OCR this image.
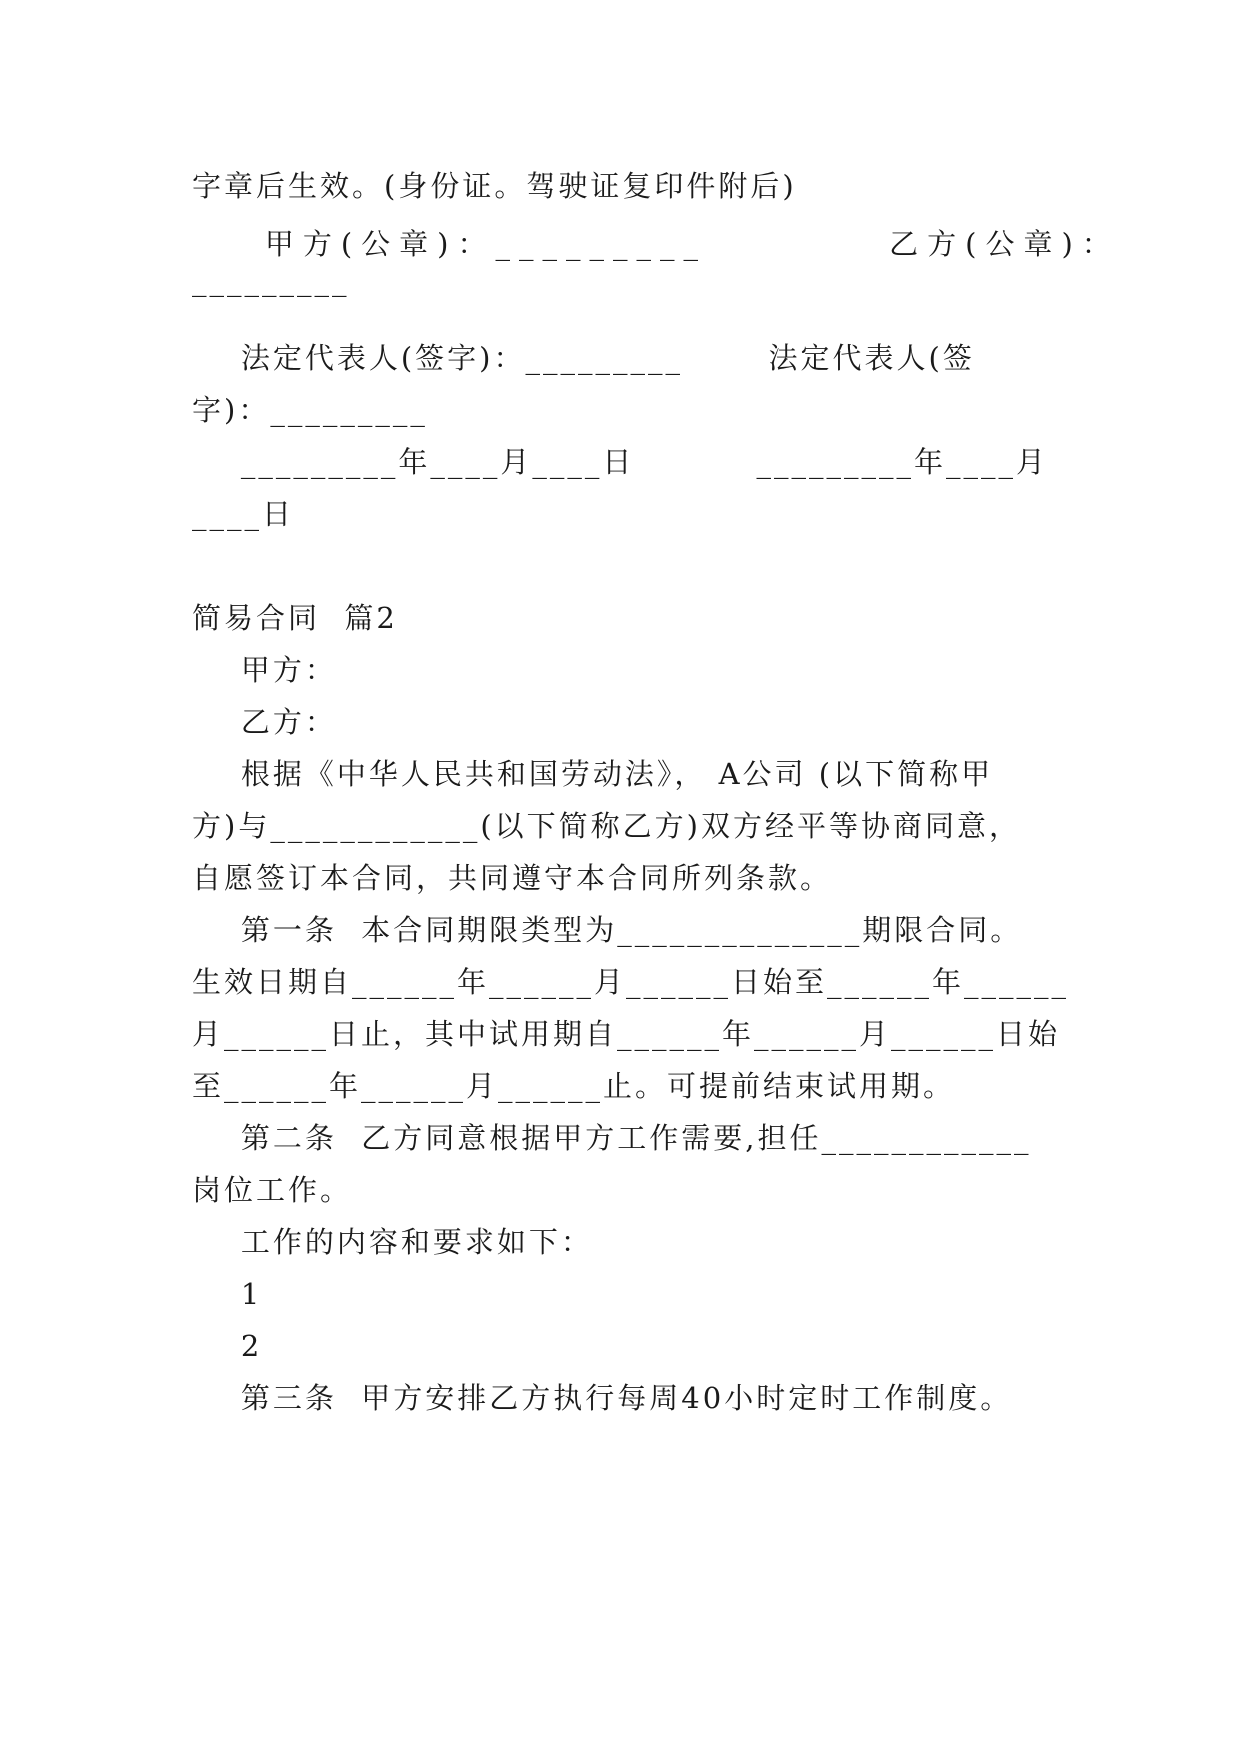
字章后生效。(身份证。驾驶证复印件附后)
甲方(公章)：_________          乙方(公章)：
_________
法定代表人(签字)：_________       法定代表人(签
字)：_________
_________年____月____日          _________年____月
____日
简易合同  篇2
甲方：
乙方：
根据《中华人民共和国劳动法》， A公司 (以下简称甲
方)与____________(以下简称乙方)双方经平等协商同意，
自愿签订本合同，共同遵守本合同所列条款。
第一条  本合同期限类型为______________期限合同。
生效日期自______年______月______日始至______年______
月______日止，其中试用期自______年______月______日始
至______年______月______止。可提前结束试用期。
第二条  乙方同意根据甲方工作需要,担任____________
岗位工作。
工作的内容和要求如下：
1
2
第三条  甲方安排乙方执行每周40小时定时工作制度。
